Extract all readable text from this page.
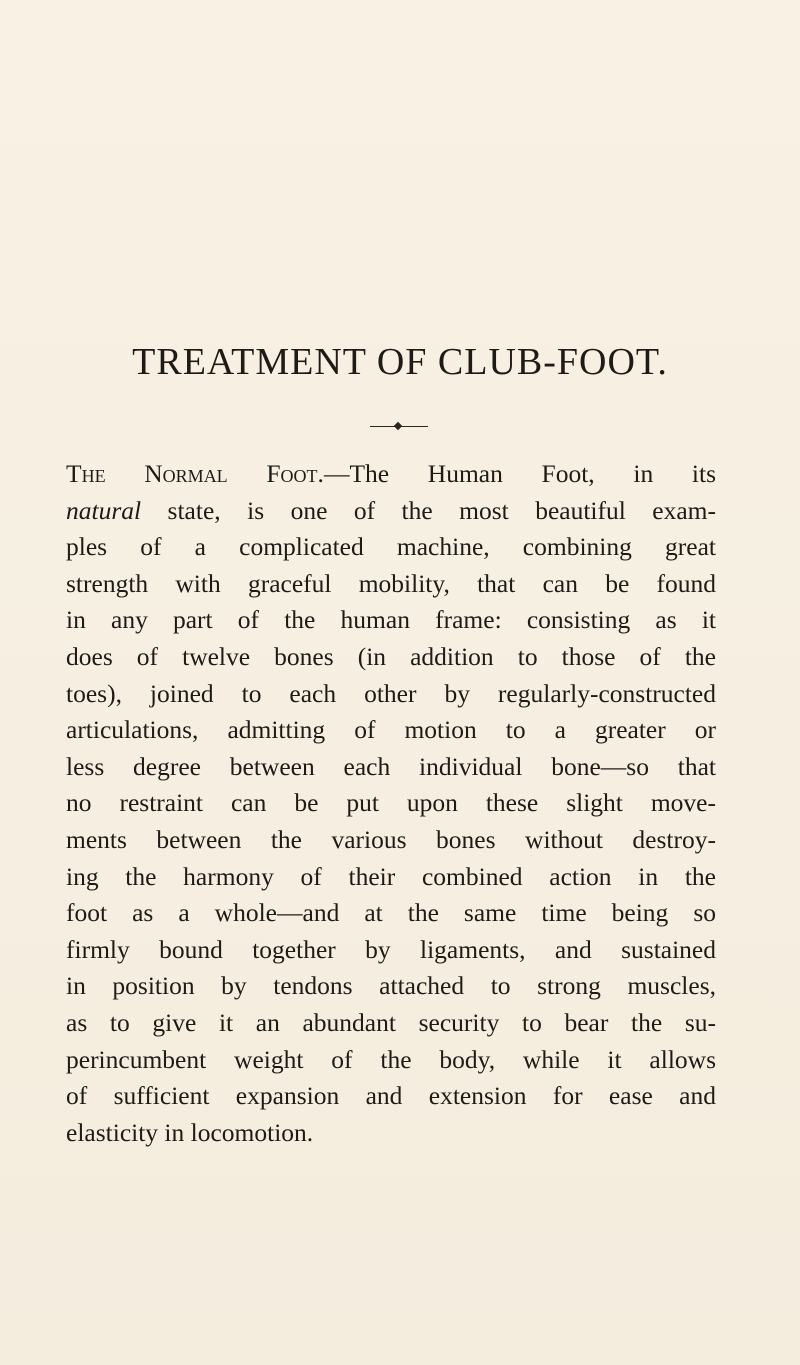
TREATMENT OF CLUB-FOOT.
The Normal Foot.—The Human Foot, in its
natural state, is one of the most beautiful exam-
ples of a complicated machine, combining great
strength with graceful mobility, that can be found
in any part of the human frame: consisting as it
does of twelve bones (in addition to those of the
toes), joined to each other by regularly-constructed
articulations, admitting of motion to a greater or
less degree between each individual bone—so that
no restraint can be put upon these slight move-
ments between the various bones without destroy-
ing the harmony of their combined action in the
foot as a whole—and at the same time being so
firmly bound together by ligaments, and sustained
in position by tendons attached to strong muscles,
as to give it an abundant security to bear the su-
perincumbent weight of the body, while it allows
of sufficient expansion and extension for ease and
elasticity in locomotion.
